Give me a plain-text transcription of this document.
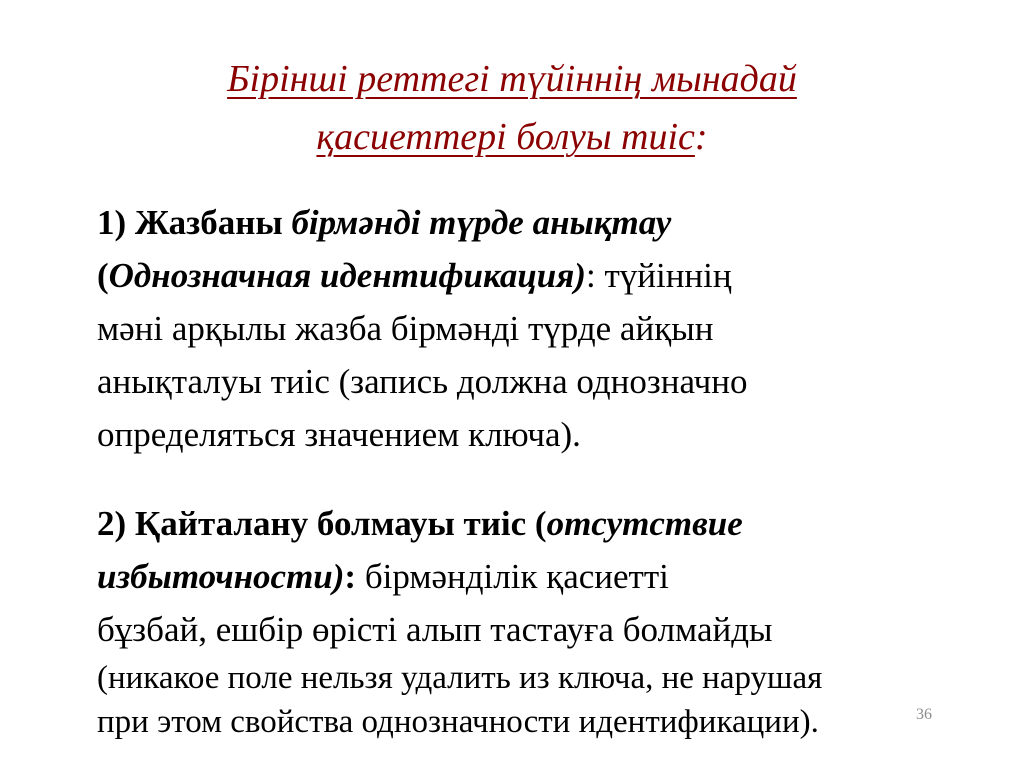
Бірінші реттегі түйіннің мынадай
қасиеттері болуы тиіс:
1) Жазбаны бірмәнді түрде анықтау
(Однозначная идентификация): түйіннің
мәні арқылы жазба бірмәнді түрде айқын
анықталуы тиіс (запись должна однозначно
определяться значением ключа).
2) Қайталану болмауы тиіс (отсутствие
избыточности): бірмәнділік қасиетті
бұзбай, ешбір өрісті алып тастауға болмайды
(никакое поле нельзя удалить из ключа, не нарушая
при этом свойства однозначности идентификации).	36
